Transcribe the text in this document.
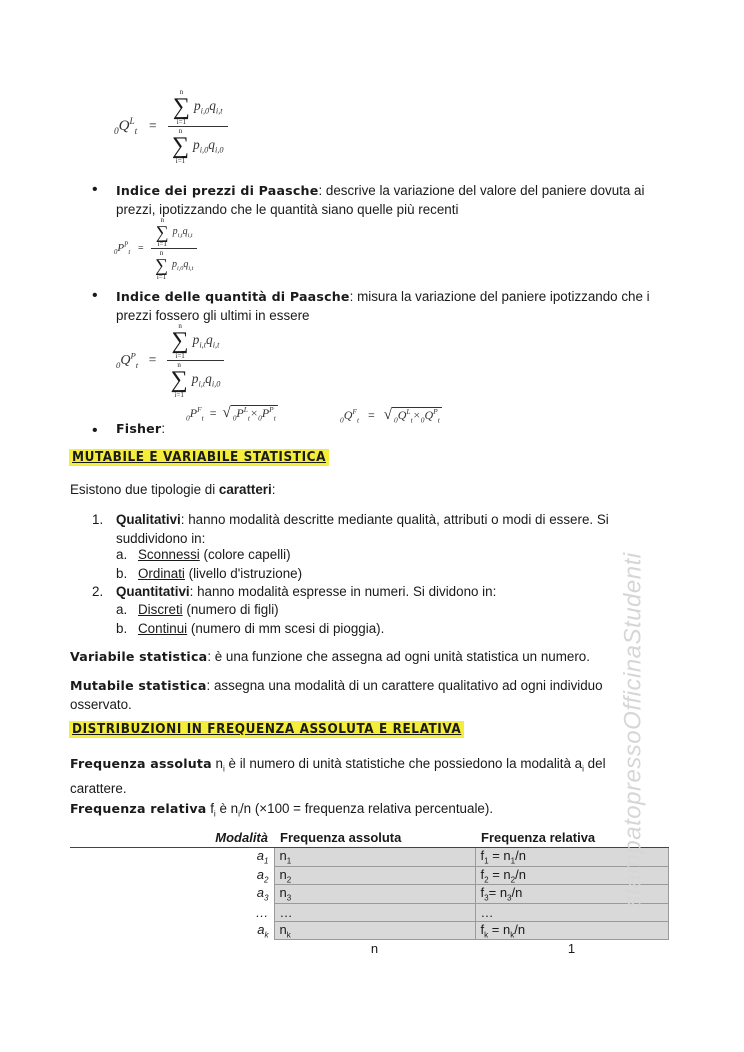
$_0Q^L_t = n$
∑
i=1
$p_{i,0}q_{i,t}$
n
∑
i=1
$p_{i,0}q_{i,0}$
• Indice dei prezzi di Paasche: descrive la variazione del valore del paniere dovuta ai
prezzi, ipotizzando che le quantità siano quelle più recenti
$_0P^P_t = n$
∑
i=1
$p_{i,t}q_{i,t}$
n
∑
i=1
$p_{i,0}q_{i,t}$
• Indice delle quantità di Paasche: misura la variazione del paniere ipotizzando che i
prezzi fossero gli ultimi in essere
$_0Q^P_t = n$
∑
i=1
$p_{i,t}q_{i,t}$
n
∑
i=1
$p_{i,t}q_{i,0}$
• Fisher:
$_0P^F_t$ = √ $_0P^L_t\times_0P^P_t$	$_0Q^F_t$ = √ $_0Q^L_t\times_0Q^P_t$
MUTABILE E VARIABILE STATISTICA
Esistono due tipologie di caratteri:
1. Qualitativi: hanno modalità descritte mediante qualità, attributi o modi di essere. Si
suddividono in:
a. Sconnessi (colore capelli)
b. Ordinati (livello d'istruzione)
2. Quantitativi: hanno modalità espresse in numeri. Si dividono in:
a. Discreti (numero di figli)
b. Continui (numero di mm scesi di pioggia).
Variabile statistica: è una funzione che assegna ad ogni unità statistica un numero.
Mutabile statistica: assegna una modalità di un carattere qualitativo ad ogni individuo
osservato.
DISTRIBUZIONI IN FREQUENZA ASSOLUTA E RELATIVA
Frequenza assoluta $n_i$ è il numero di unità statistiche che possiedono la modalità $a_i$ del
carattere.
Frequenza relativa $f_i$ è $n_i/n$ (×100 = frequenza relativa percentuale).
Modalità	Frequenza assoluta	Frequenza relativa
$a_1$	$n_1$	$f_1 = n_1/n$
$a_2$	$n_2$	$f_2 = n_2/n$
$a_3$	$n_3$	$f_3= n_3/n$
…	…	…
$a_k$	$n_k$	$f_k = n_k/n$
	n	1
stampatopressoOfficinaStudenti
